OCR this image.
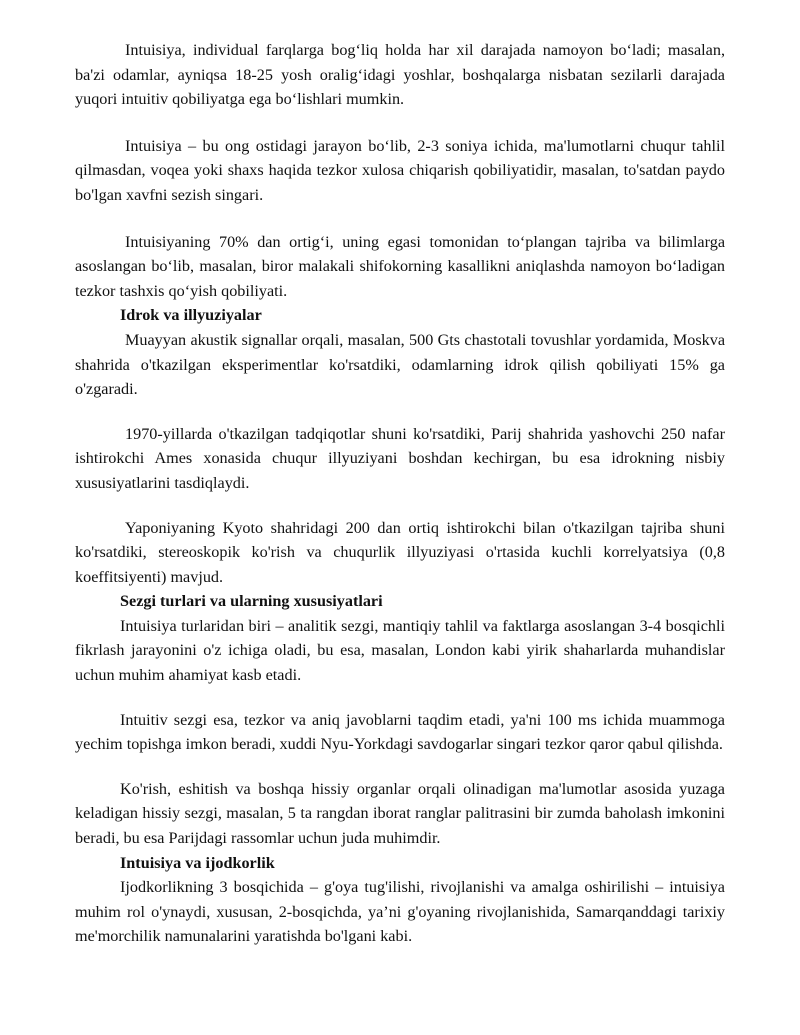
Intuisiya, individual farqlarga bog‘liq holda har xil darajada namoyon bo‘ladi; masalan, ba'zi odamlar, ayniqsa 18-25 yosh oralig‘idagi yoshlar, boshqalarga nisbatan sezilarli darajada yuqori intuitiv qobiliyatga ega bo‘lishlari mumkin.

Intuisiya – bu ong ostidagi jarayon bo‘lib, 2-3 soniya ichida, ma'lumotlarni chuqur tahlil qilmasdan, voqea yoki shaxs haqida tezkor xulosa chiqarish qobiliyatidir, masalan, to'satdan paydo bo'lgan xavfni sezish singari.

Intuisiyaning 70% dan ortig‘i, uning egasi tomonidan to‘plangan tajriba va bilimlarga asoslangan bo‘lib, masalan, biror malakali shifokorning kasallikni aniqlashda namoyon bo‘ladigan tezkor tashxis qo‘yish qobiliyati.

Idrok va illyuziyalar

Muayyan akustik signallar orqali, masalan, 500 Gts chastotali tovushlar yordamida, Moskva shahrida o'tkazilgan eksperimentlar ko'rsatdiki, odamlarning idrok qilish qobiliyati 15% ga o'zgaradi.

1970-yillarda o'tkazilgan tadqiqotlar shuni ko'rsatdiki, Parij shahrida yashovchi 250 nafar ishtirokchi Ames xonasida chuqur illyuziyani boshdan kechirgan, bu esa idrokning nisbiy xususiyatlarini tasdiqlaydi.

Yaponiyaning Kyoto shahridagi 200 dan ortiq ishtirokchi bilan o'tkazilgan tajriba shuni ko'rsatdiki, stereoskopik ko'rish va chuqurlik illyuziyasi o'rtasida kuchli korrelyatsiya (0,8 koeffitsiyenti) mavjud.

Sezgi turlari va ularning xususiyatlari

Intuisiya turlaridan biri – analitik sezgi, mantiqiy tahlil va faktlarga asoslangan 3-4 bosqichli fikrlash jarayonini o'z ichiga oladi, bu esa, masalan, London kabi yirik shaharlarda muhandislar uchun muhim ahamiyat kasb etadi.

Intuitiv sezgi esa, tezkor va aniq javoblarni taqdim etadi, ya'ni 100 ms ichida muammoga yechim topishga imkon beradi, xuddi Nyu-Yorkdagi savdogarlar singari tezkor qaror qabul qilishda.

Ko'rish, eshitish va boshqa hissiy organlar orqali olinadigan ma'lumotlar asosida yuzaga keladigan hissiy sezgi, masalan, 5 ta rangdan iborat ranglar palitrasini bir zumda baholash imkonini beradi, bu esa Parijdagi rassomlar uchun juda muhimdir.

Intuisiya va ijodkorlik

Ijodkorlikning 3 bosqichida – g'oya tug'ilishi, rivojlanishi va amalga oshirilishi – intuisiya muhim rol o'ynaydi, xususan, 2-bosqichda, ya’ni g'oyaning rivojlanishida, Samarqanddagi tarixiy me'morchilik namunalarini yaratishda bo'lgani kabi.
